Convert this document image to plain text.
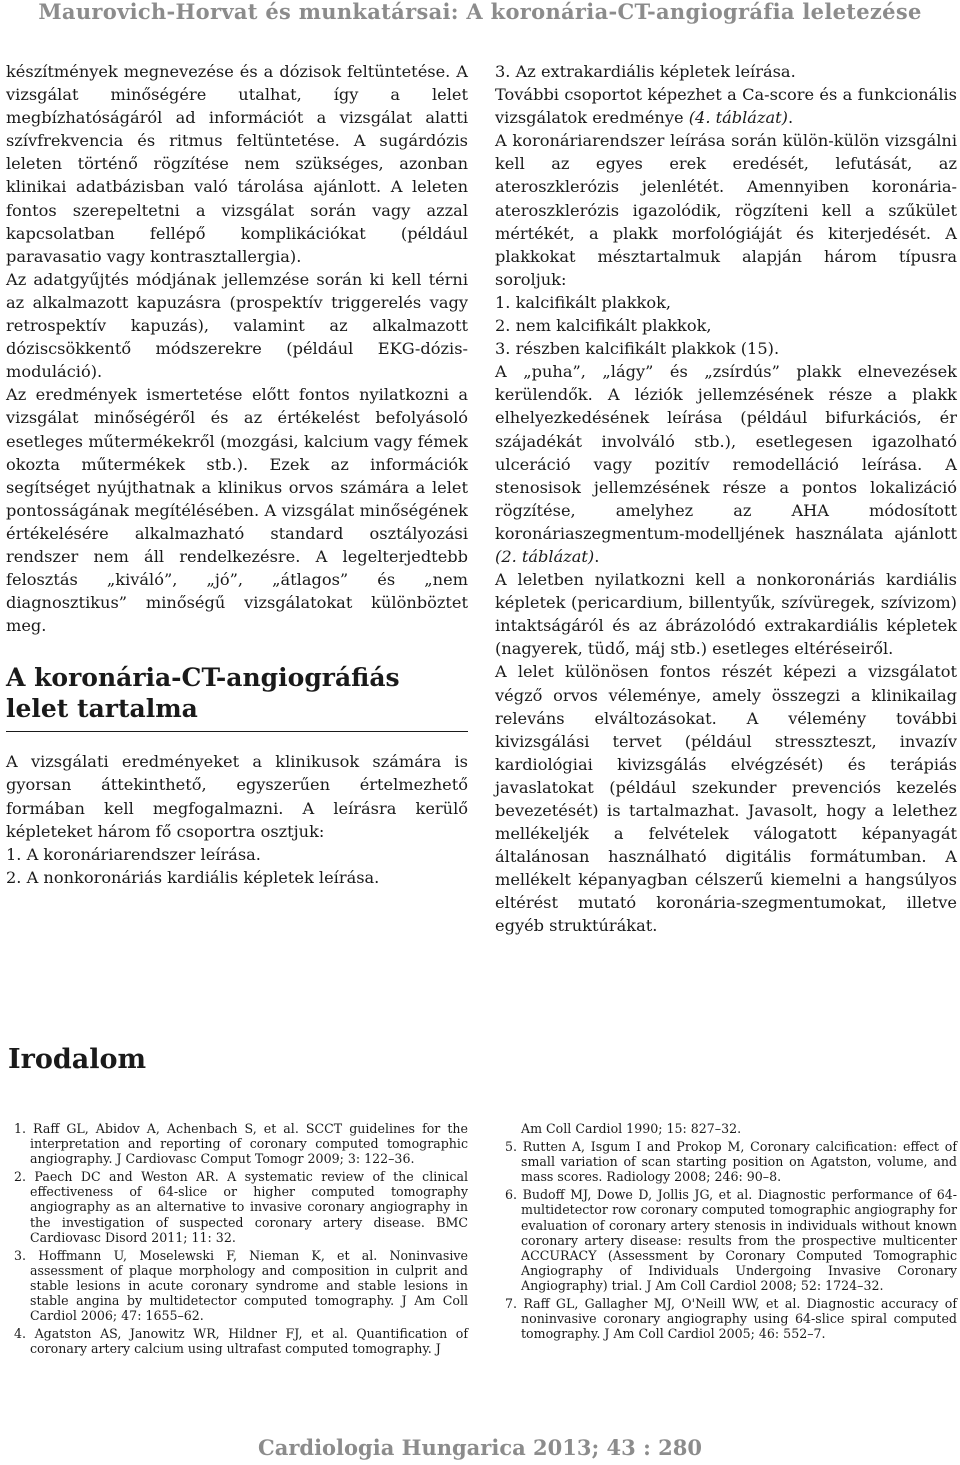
Maurovich-Horvat és munkatársai: A koronária-CT-angiográfia leletezése

készítmények megnevezése és a dózisok feltüntetése. A vizsgálat minőségére utalhat, így a lelet megbízhatóságáról ad információt a vizsgálat alatti szívfrekvencia és ritmus feltüntetése. A sugárdózis leleten történő rögzítése nem szükséges, azonban klinikai adatbázisban való tárolása ajánlott. A leleten fontos szerepeltetni a vizsgálat során vagy azzal kapcsolatban fellépő komplikációkat (például paravasatio vagy kontrasztallergia).

Az adatgyűjtés módjának jellemzése során ki kell térni az alkalmazott kapuzásra (prospektív triggerelés vagy retrospektív kapuzás), valamint az alkalmazott dóziscsökkentő módszerekre (például EKG-dózis-moduláció).

Az eredmények ismertetése előtt fontos nyilatkozni a vizsgálat minőségéről és az értékelést befolyásoló esetleges műtermékekről (mozgási, kalcium vagy fémek okozta műtermékek stb.). Ezek az információk segítséget nyújthatnak a klinikus orvos számára a lelet pontosságának megítélésében. A vizsgálat minőségének értékelésére alkalmazható standard osztályozási rendszer nem áll rendelkezésre. A legelterjedtebb felosztás „kiváló”, „jó”, „átlagos” és „nem diagnosztikus” minőségű vizsgálatokat különböztet meg.

A koronária-CT-angiográfiás lelet tartalma

A vizsgálati eredményeket a klinikusok számára is gyorsan áttekinthető, egyszerűen értelmezhető formában kell megfogalmazni. A leírásra kerülő képleteket három fő csoportra osztjuk:

1. A koronáriarendszer leírása.

2. A nonkoronáriás kardiális képletek leírása.

3. Az extrakardiális képletek leírása.

További csoportot képezhet a Ca-score és a funkcionális vizsgálatok eredménye (4. táblázat).

A koronáriarendszer leírása során külön-külön vizsgálni kell az egyes erek eredését, lefutását, az ateroszklerózis jelenlétét. Amennyiben koronária-ateroszklerózis igazolódik, rögzíteni kell a szűkület mértékét, a plakk morfológiáját és kiterjedését. A plakkokat mésztartalmuk alapján három típusra soroljuk:

1. kalcifikált plakkok,

2. nem kalcifikált plakkok,

3. részben kalcifikált plakkok (15).

A „puha”, „lágy” és „zsírdús” plakk elnevezések kerülendők. A léziók jellemzésének része a plakk elhelyezkedésének leírása (például bifurkációs, ér szájadékát involváló stb.), esetlegesen igazolható ulceráció vagy pozitív remodelláció leírása. A stenosisok jellemzésének része a pontos lokalizáció rögzítése, amelyhez az AHA módosított koronáriaszegmentum-modelljének használata ajánlott (2. táblázat).

A leletben nyilatkozni kell a nonkoronáriás kardiális képletek (pericardium, billentyűk, szívüregek, szívizom) intaktságáról és az ábrázolódó extrakardiális képletek (nagyerek, tüdő, máj stb.) esetleges eltéréseiről.

A lelet különösen fontos részét képezi a vizsgálatot végző orvos véleménye, amely összegzi a klinikailag releváns elváltozásokat. A vélemény további kivizsgálási tervet (például stresszteszt, invazív kardiológiai kivizsgálás elvégzését) és terápiás javaslatokat (például szekunder prevenciós kezelés bevezetését) is tartalmazhat. Javasolt, hogy a lelethez mellékeljék a felvételek válogatott képanyagát általánosan használható digitális formátumban. A mellékelt képanyagban célszerű kiemelni a hangsúlyos eltérést mutató koronária-szegmentumokat, illetve egyéb struktúrákat.

Irodalom

1. Raff GL, Abidov A, Achenbach S, et al. SCCT guidelines for the interpretation and reporting of coronary computed tomographic angiography. J Cardiovasc Comput Tomogr 2009; 3: 122–36.

2. Paech DC and Weston AR. A systematic review of the clinical effectiveness of 64-slice or higher computed tomography angiography as an alternative to invasive coronary angiography in the investigation of suspected coronary artery disease. BMC Cardiovasc Disord 2011; 11: 32.

3. Hoffmann U, Moselewski F, Nieman K, et al. Noninvasive assessment of plaque morphology and composition in culprit and stable lesions in acute coronary syndrome and stable lesions in stable angina by multidetector computed tomography. J Am Coll Cardiol 2006; 47: 1655–62.

4. Agatston AS, Janowitz WR, Hildner FJ, et al. Quantification of coronary artery calcium using ultrafast computed tomography. J

Am Coll Cardiol 1990; 15: 827–32.

5. Rutten A, Isgum I and Prokop M, Coronary calcification: effect of small variation of scan starting position on Agatston, volume, and mass scores. Radiology 2008; 246: 90–8.

6. Budoff MJ, Dowe D, Jollis JG, et al. Diagnostic performance of 64-multidetector row coronary computed tomographic angiography for evaluation of coronary artery stenosis in individuals without known coronary artery disease: results from the prospective multicenter ACCURACY (Assessment by Coronary Computed Tomographic Angiography of Individuals Undergoing Invasive Coronary Angiography) trial. J Am Coll Cardiol 2008; 52: 1724–32.

7. Raff GL, Gallagher MJ, O'Neill WW, et al. Diagnostic accuracy of noninvasive coronary angiography using 64-slice spiral computed tomography. J Am Coll Cardiol 2005; 46: 552–7.

Cardiologia Hungarica 2013; 43 : 280
